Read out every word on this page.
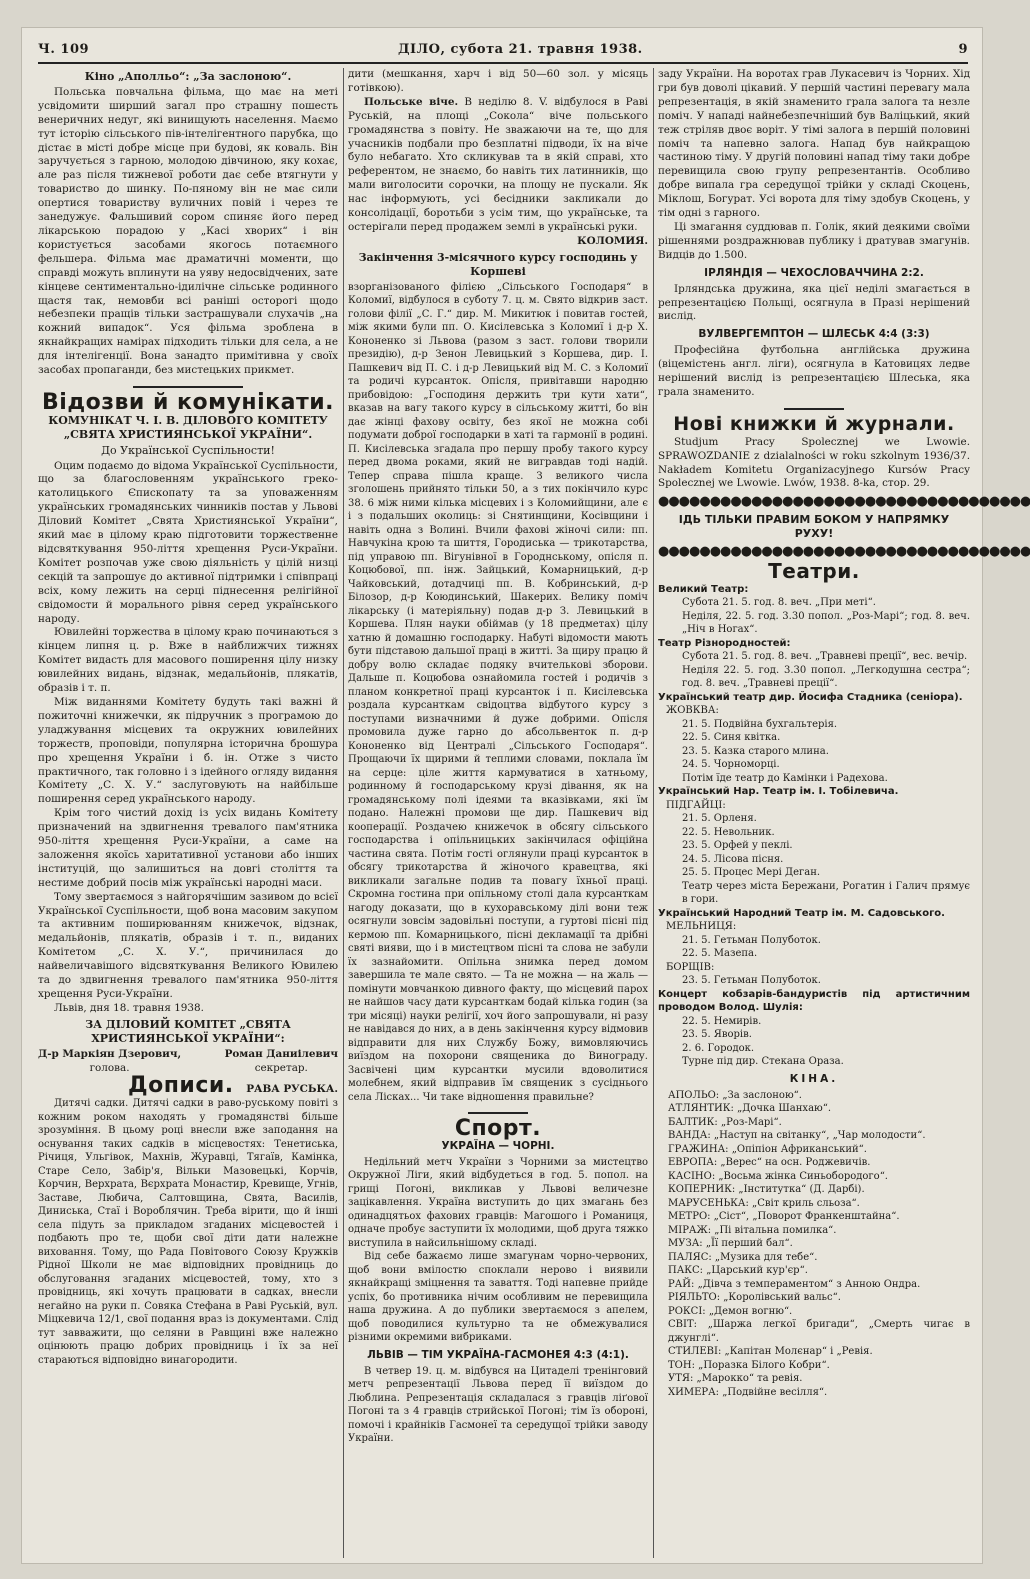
Ч. 109	ДІЛО, субота 21. травня 1938.	9

Кіно „Аполльо“: „За заслоною“.

Польська повчальна фільма, що має на меті усвідомити ширший загал про страшну пошесть венеричних недуг, які винищують населення. Маємо тут історію сільського пів-інтелігентного парубка, що дістає в місті добре місце при будові, як коваль. Він заручується з гарною, молодою дівчиною, яку кохає, але раз після тижневої роботи дає себе втягнути у товариство до шинку. По-пянoму він не має сили опертися товариству вуличних повій і через те занедужує. Фальшивий сором спиняє його перед лікарською порадою у „Касі хворих“ і він користується засобами якогось потаємного фельшера. Фільма має драматичні моменти, що справді можуть вплинути на уяву недосвідчених, зате кінцеве сентиментально-ідилічне сільське родинного щастя так, немовби всі раніші осторогі щодо небезпеки пращів тільки застрашували слухачів „на кожний випадок“. Уся фільма зроблена в якнайкращих намірах підходить тільки для села, а не для інтелігенції. Вона занадто примітивна у своїх засобах пропаганди, без мистецьких прикмет.

Відозви й комунікати.

КОМУНІКАТ Ч. І. В. ДІЛОВОГО КОМІТЕТУ „СВЯТА ХРИСТИЯНСЬКОЇ УКРАЇНИ“.

До Української Суспільности!

Оцим подаємо до відома Української Суспільности, що за благословенням українського греко-католицького Єпископату та за уповаженням українських громадянських чинників постав у Львові Діловий Комітет „Свята Християнської України“, який має в цілому краю підготовити торжественне відсвяткування 950-ліття хрещення Руси-України. Комітет розпочав уже свою діяльність у цілій низці секцій та запрошує до активної підтримки і співпраці всіх, кому лежить на серці піднесення релігійної свідомости й морального рівня серед українського народу.

Ювилейні торжества в цілому краю починаються з кінцем липня ц. р. Вже в найближчих тижнях Комітет видасть для масового поширення цілу низку ювилейних видань, відзнак, медальйонів, плякатів, образів і т. п.

Між виданнями Комітету будуть такі важні й пожиточні книжечки, як підручник з програмою до уладжування місцевих та окружних ювилейних торжеств, проповіди, популярна історична брошура про хрещення України і б. ін. Отже з чисто практичного, так головно і з ідейного огляду видання Комітету „С. Х. У.“ заслуговують на найбільше поширення серед українського народу.

Крім того чистий дохід із усіх видань Комітету призначений на здвигнення тревалого пам'ятника 950-ліття хрещення Руси-України, а саме на заложення якоїсь харитативної установи або інших інституцій, що залишиться на довгі століття та нестиме добрий посів між українські народні маси.

Тому звертаємося з найгорячішим зазивом до всієї Української Суспільности, щоб вона масовим закупом та активним поширюванням книжечок, відзнак, медальйонів, плякатів, образів і т. п., виданих Комітетом „С. Х. У.“, причинилася до найвеличавішого відсвяткування Великого Ювилею та до здвигнення тревалого пам'ятника 950-ліття хрещення Руси-України.

Львів, дня 18. травня 1938.

ЗА ДІЛОВИЙ КОМІТЕТ „СВЯТА ХРИСТИЯНСЬКОЇ УКРАЇНИ“:

Д-р Маркіян Дзерович,
голова.
Роман Даниілевич
секретар.

Дописи.	РАВА РУСЬКА.

Дитячі садки. Дитячі садки в раво-руському повіті з кожним роком находять у громадянстві більше зрозуміння. В цьому році внесли вже заподання на оснування таких садків в місцевостях: Тенетиська, Річиця, Ульгівок, Махнів, Журавці, Тягаїв, Камінка, Старе Село, Забір'я, Вільки Мазовецькі, Корчів, Корчин, Верхрата, Вєрхрата Монастир, Кревище, Угнів, Заставе, Любича, Салтовщина, Свята, Василів, Диниська, Стаї і Вороблячин. Треба вірити, що й інші села підуть за прикладом згаданих місцевостей і подбають про те, щоби свої діти дати належне виховання. Тому, що Рада Повітового Союзу Кружків Рідної Школи не має відповідних провідниць до обслуговання згаданих місцевостей, тому, хто з провідниць, які хочуть працювати в садках, внесли негайно на руки п. Совяка Стефана в Раві Руській, вул. Міцкевича 12/1, свої подання враз із документами. Слід тут завважити, що селяни в Равщині вже належно оцінюють працю добрих провідниць і їх за неї стараються відповідно винагородити.

дити (мешкання, харч і від 50—60 зол. у місяць готівкою).

Польське віче. В неділю 8. V. відбулося в Раві Руській, на площі „Сокола“ віче польського громадянства з повіту. Не зважаючи на те, що для учасників подбали про безплатні підводи, їх на віче було небагато. Хто скликував та в якій справі, хто референтом, не знаємо, бо навіть тих латинників, що мали виголосити сорочки, на площу не пускали. Як нас інформують, усі бесідники закликали до консолідації, боротьби з усім тим, що українське, та остерігали перед продажем землі в українські руки.

КОЛОМИЯ.

Закінчення 3-місячного курсу господинь у Коршеві

взорганізованого філією „Сільського Господаря“ в Коломиї, відбулося в суботу 7. ц. м. Свято відкрив заст. голови філії „С. Г.“ дир. М. Микитюк і повитав гостей, між якими були пп. О. Кисілевська з Коломиї і д-р Х. Кононенко зі Львова (разом з заст. голови творили президію), д-р Зенон Левицький з Коршева, дир. І. Пашкевич від П. С. і д-р Левицький від М. С. з Коломиї та родичі курсанток. Опісля, привітавши народню прибовідою: „Господиня держить три кути хати“, вказав на вагу такого курсу в сільському житті, бо він дає жінці фахову освіту, без якої не можна собі подумати доброї господарки в хаті та гармонії в родині. П. Кисілевська згадала про першу пробу такого курсу перед двома роками, який не вигравдав тоді надій. Тепер справа пішла краще. З великого числа зголошень прийнято тільки 50, а з тих покінчило курс 38. 6 між ними кілька місцевих і з Коломийщини, але є і з подальших околиць: зі Снятинщини, Косівщини і навіть одна з Волині. Вчили фахові жіночі сили: пп. Навчукіна крою та шиття, Городиська — трикотарства, під управою пп. Вігунівної в Городнському, опісля п. Коцюбової, пп. інж. Зайцький, Комарницький, д-р Чайковський, дотадчиці пп. В. Кобринський, д-р Білозор, д-р Коюдинський, Шакерих. Велику поміч лікарську (і матеріяльну) подав д-р З. Левицький в Коршева. Плян науки обіймав (у 18 предметах) цілу хатню й домашню господарку. Набуті відомости мають бути підставою дальшої праці в житті. За щиру працю й добру волю складає подяку вчителькові зборови. Дальше п. Коцюбова ознайомила гостей і родичів з планом конкретної праці курсанток і п. Кисілевська роздала курсанткам свідоцтва відбутого курсу з поступами визначними й дуже добрими. Опісля промовила дуже гарно до абсольвенток п. д-р Кононенко від Централі „Сільського Господаря“. Прощаючи їх щирими й теплими словами, поклала їм на серце: ціле життя кармуватися в хатньому, родинному й господарському крузі дівання, як на громадянському полі ідеями та вказівками, які їм подано. Належні промови ще дир. Пашкевич від кооперації. Роздачею книжечок в обсягу сільського господарства і опільницьких закінчилася офіційна частина свята. Потім гості оглянули праці курсанток в обсягу трикотарства й жіночого кравецтва, які викликали загальне подив та повагу їхньої праці. Скромна гостина при опільному столі дала курсанткам нагоду доказати, що в кухоравському ділі вони теж осягнули зовсім задовільні поступи, а гуртові пісні під кермою пп. Комарницького, пісні декламації та дрібні святі вияви, що і в мистецтвом пісні та слова не забули їх зазнайомити. Опільна знимка перед домом завершила те мале свято. — Та не можна — на жаль — помінути мовчанкою дивного факту, що місцевий парох не найшов часу дати курсанткам бодай кілька годин (за три місяці) науки релігії, хоч його запрошували, ні разу не навідався до них, а в день закінчення курсу відмовив відправити для них Службу Божу, вимовляючись виїздом на похорони священика до Винограду. Засвічені цим курсантки мусили вдоволитися молебнем, який відправив їм священик з сусіднього села Лісках... Чи таке відношення правильне?

Спорт.

УКРАЇНА — ЧОРНІ.

Недільний метч України з Чорними за мистецтво Окружної Ліги, який відбудеться в год. 5. попол. на грищі Погоні, викликав у Львові величезне зацікавлення. Україна виступить до цих змагань без одинадцятьох фахових гравців: Магошого і Романиця, одначе пробує заступити їх молодими, щоб друга тяжко виступила в найсильнішому складі.

Від себе бажаємо лише змагунам чорно-червоних, щоб вони вмілостю споклали нерово і виявили якнайкращі зміцнення та заваття. Тоді напевне прийде успіх, бо противника нічим особливим не перевищила наша дружина. А до публики звертаємося з апелем, щоб поводилися культурно та не обмежувалися різними окремими вибриками.

ЛЬВІВ — ТІМ УКРАЇНА-ГАСМОНЕЯ 4:3 (4:1).

В четвер 19. ц. м. відбувся на Цитаделі тренінговий метч репрезентації Львова перед її виїздом до Люблина. Репрезентація складалася з гравців ліґової Погоні та з 4 гравців стрийської Погоні; тім їз обороні, помочі і крайніків Гасмонеї та середущої трійки заводу України.

заду України. На воротах грав Лукасевич із Чорних. Хід гри був доволі цікавий. У першій частині перевагу мала репрезентація, в якій знаменито грала залога та незле поміч. У нападі найнебезпечніший був Валіцький, який теж стріляв двоє воріт. У тімі залога в першій половині поміч та напевно залога. Напад був найкращою частиною тіму. У другій половині напад тіму таки добре перевищила свою групу репрезентантів. Особливо добре випала гра середущої трійки у складі Скоцень, Міклош, Богурат. Усі ворота для тіму здобув Скоцень, у тім одні з гарного.

Ці змагання суддював п. Голік, який деякими своїми рішеннями роздражнював публику і дратував змагунів. Видців до 1.500.

ІРЛЯНДІЯ — ЧЕХОСЛОВАЧЧИНА 2:2.

Ірляндська дружина, яка цієї неділі змагається в репрезентацією Польщі, осягнула в Празі нерішений вислід.

ВУЛВЕРГЕМПТОН — ШЛЕСЬК 4:4 (3:3)

Професійна футбольна англійська дружина (віцемістень англ. ліги), осягнула в Катовицях ледве нерішений вислід із репрезентацією Шлеська, яка грала знаменито.

Нові книжки й журнали.

Studjum Pracy Spolecznej we Lwowie. SPRAWOZDANIE z dzialalności w roku szkolnym 1936/37. Nakładem Komitetu Organizacyjnego Kursów Pracy Spolecznej we Lwowie. Lwów, 1938. 8-ka, стор. 29.

●●●●●●●●●●●●●●●●●●●●●●●●●●●●●●●●●●●●

ІДЬ ТІЛЬКИ ПРАВИМ БОКОМ У НАПРЯМКУ РУХУ!

●●●●●●●●●●●●●●●●●●●●●●●●●●●●●●●●●●●●

Театри.

Великий Театр:

Субота 21. 5. год. 8. веч. „При меті“.

Неділя, 22. 5. год. 3.30 попол. „Роз-Марі“; год. 8. веч. „Ніч в Ногах“.

Театр Різнородностей:

Субота 21. 5. год. 8. веч. „Травневі преції“, вес. вечір.

Неділя 22. 5. год. 3.30 попол. „Легкодушна сестра“; год. 8. веч. „Травневі преції“.

Український театр дир. Йосифа Стадника (сеніора).

ЖОВКВА:

21. 5. Подвійна бухгальтерія.

22. 5. Синя квітка.

23. 5. Казка старого млина.

24. 5. Чорноморці.

Потім їде театр до Камінки і Радехова.

Український Нар. Театр ім. І. Тобілевича.

ПІДГАЙЦІ:

21. 5. Орленя.

22. 5. Невольник.

23. 5. Орфей у пеклі.

24. 5. Лісова пісня.

25. 5. Процес Мері Деган.

Театр через міста Бережани, Рогатин і Галич прямує в гори.

Український Народний Театр ім. М. Садовського.

МЕЛЬНИЦЯ:

21. 5. Гетьман Полуботок.

22. 5. Мазепа.

БОРЩІВ:

23. 5. Гетьман Полуботок.

Концерт кобзарів-бандуристів під артистичним проводом Волод. Шулія:

22. 5. Немирів.

23. 5. Яворів.

2. 6. Городок.

Турне під дир. Стекана Ораза.

КІНА.

АПОЛЬО: „За заслоною“.

АТЛЯНТИК: „Дочка Шанхаю“.

БАЛТИК: „Роз-Марі“.

ВАНДА: „Наступ на світанку“, „Чар молодости“.

ГРАЖИНА: „Опіпіон Африканський“.

ЕВРОПА: „Верес“ на осн. Роджевичів.

КАСІНО: „Восьма жінка Синьобородого“.

КОПЕРНИК: „Інститутка“ (Д. Дарбі).

МАРУСЕНЬКА: „Світ криль сльоза“.

МЕТРО: „Сіст“, „Поворот Франкенштайна“.

МІРАЖ: „Пі вітальна помилка“.

МУЗА: „Її перший бал“.

ПАЛЯС: „Музика для тебе“.

ПАКС: „Царський кур'єр“.

РАЙ: „Дівча з темпераментом“ з Анною Ондра.

РІЯЛЬТО: „Королівський вальс“.

РОКСІ: „Демон вогню“.

СВІТ: „Шаржа легкої бригади“, „Смерть чигає в джунглі“.

СТИЛЕВІ: „Капітан Молєнар“ і „Ревія.

ТОН: „Поразка Білого Кобри“.

УТЯ: „Марокко“ та ревія.

ХИМЕРА: „Подвійне весілля“.
